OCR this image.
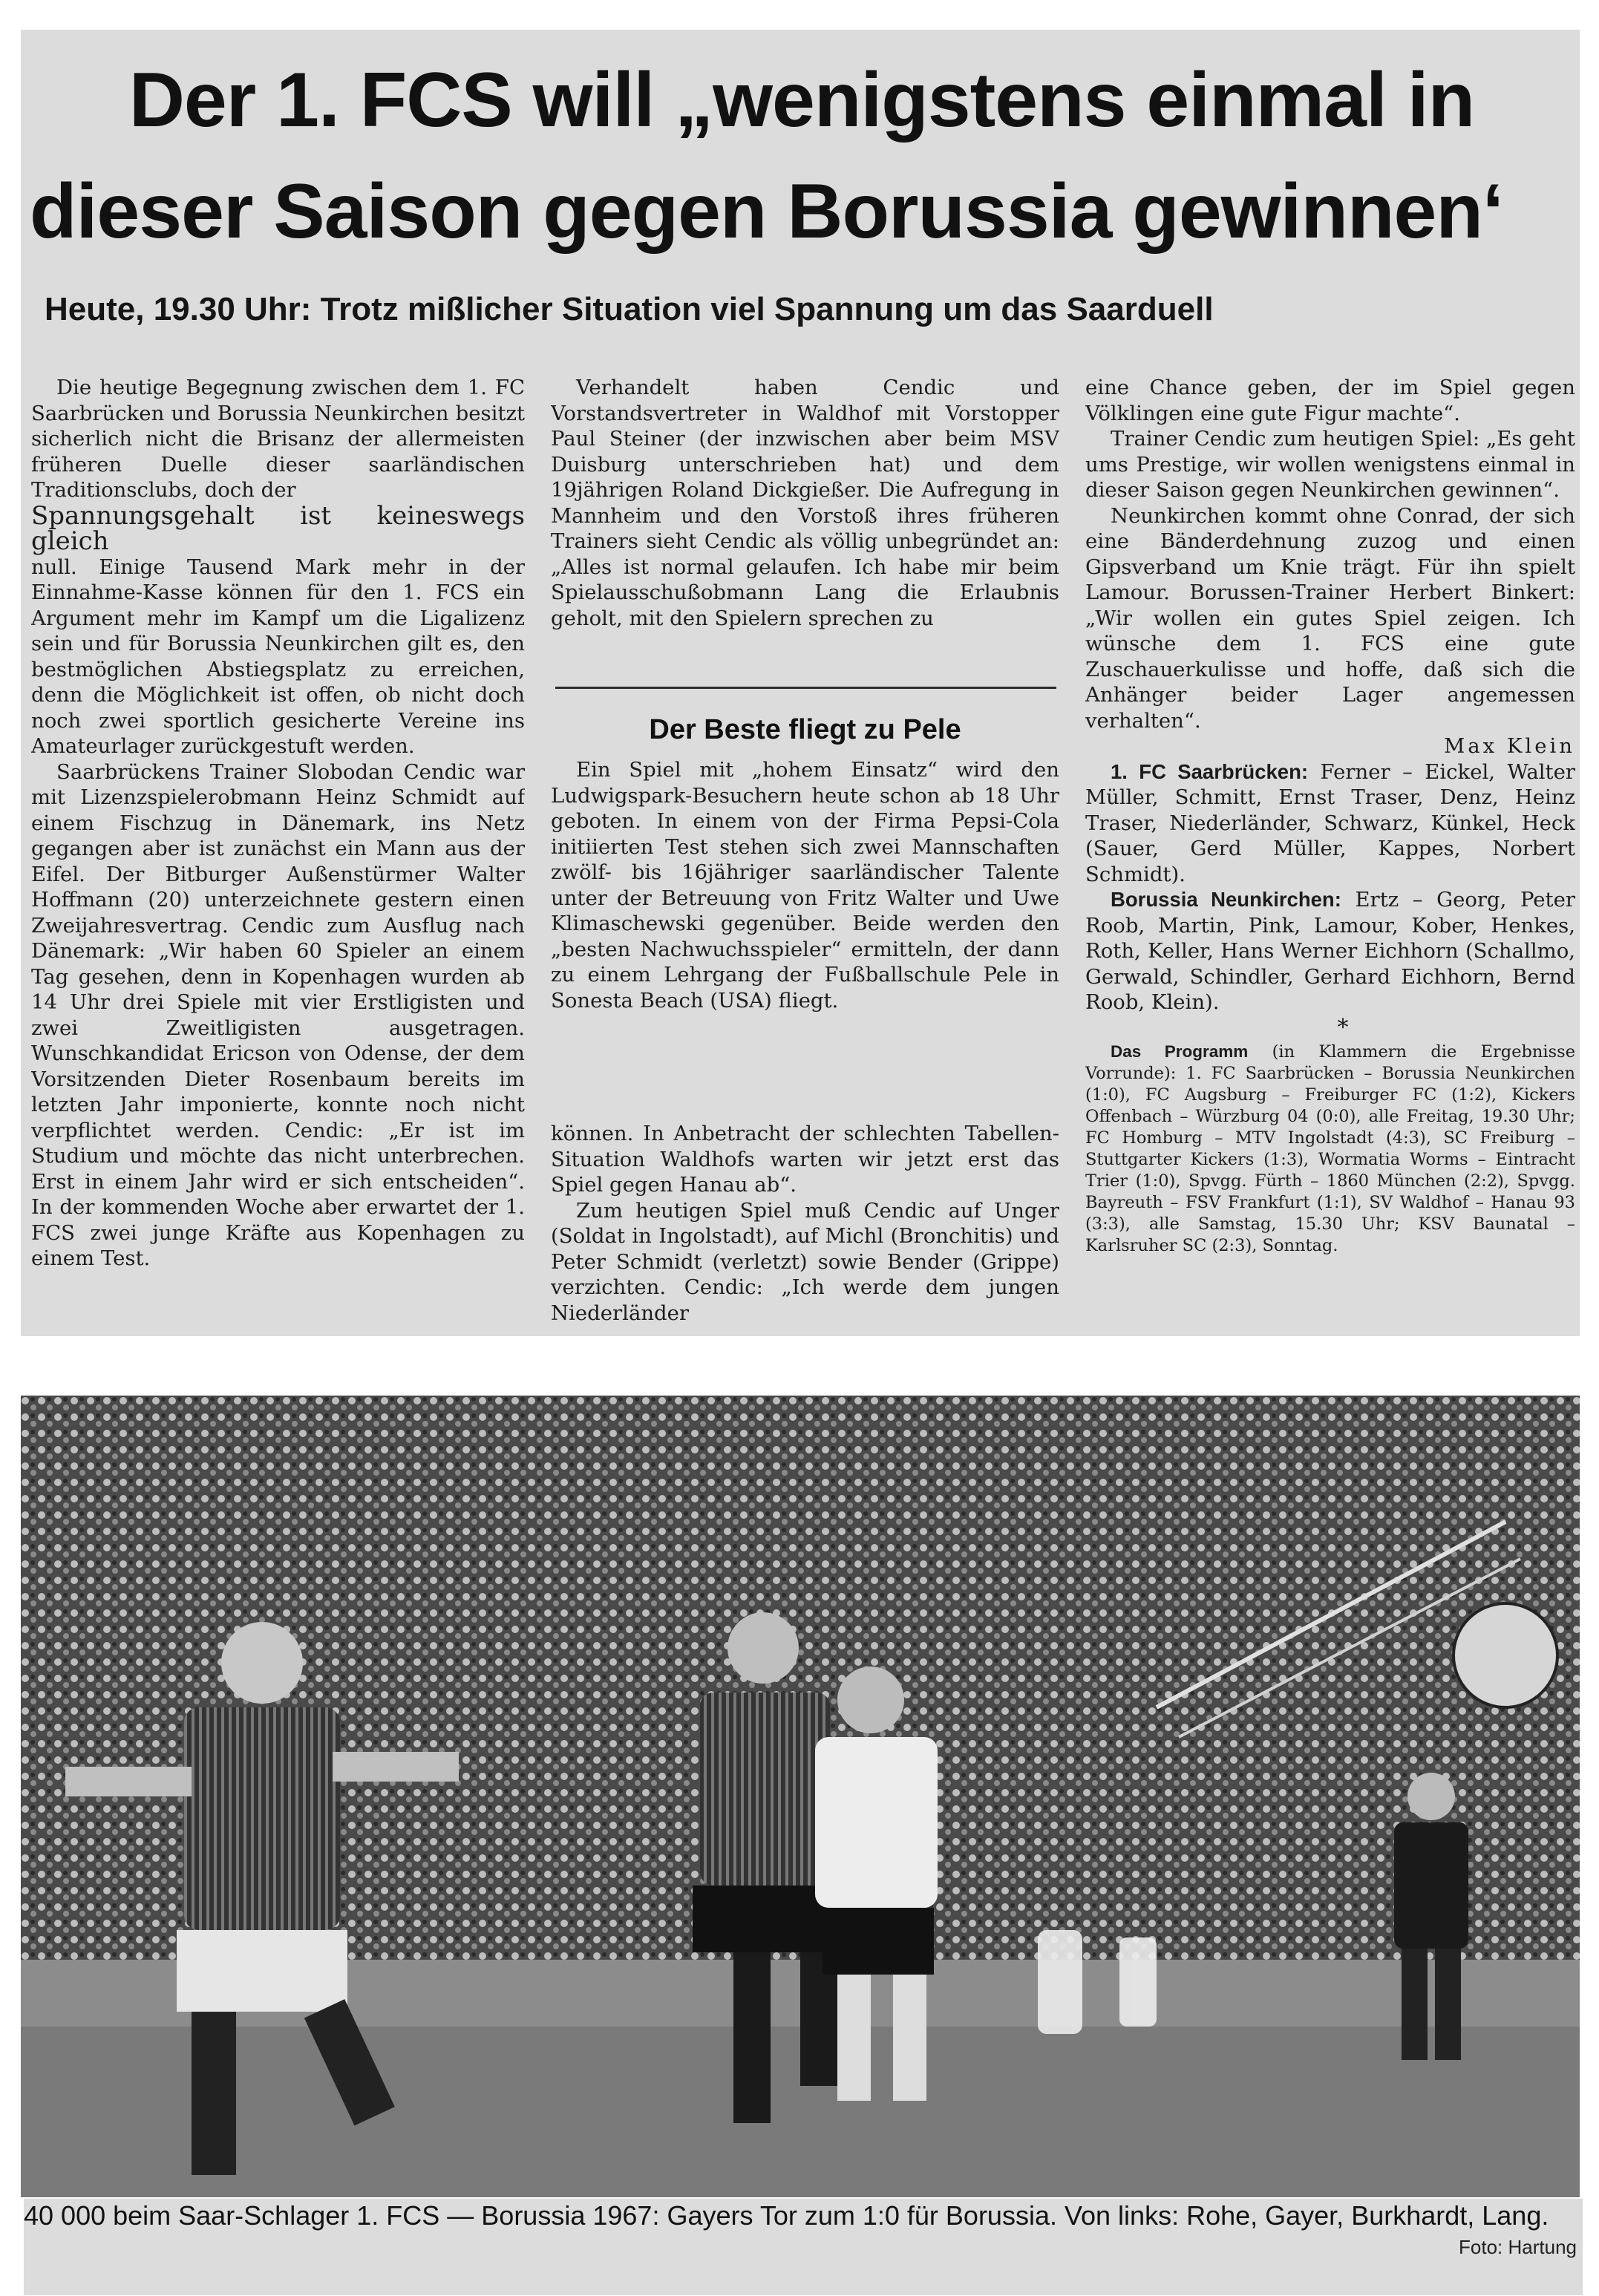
Der 1. FCS will „wenigstens einmal in
dieser Saison gegen Borussia gewinnen‘
Heute, 19.30 Uhr: Trotz mißlicher Situation viel Spannung um das Saarduell

Die heutige Begegnung zwischen dem 1. FC Saarbrücken und Borussia Neunkirchen besitzt sicherlich nicht die Brisanz der allermeisten früheren Duelle dieser saarländischen Traditionsclubs, doch der

Spannungsgehalt ist keineswegs gleich

null. Einige Tausend Mark mehr in der Einnahme-Kasse können für den 1. FCS ein Argument mehr im Kampf um die Ligalizenz sein und für Borussia Neunkirchen gilt es, den bestmöglichen Abstiegsplatz zu erreichen, denn die Möglichkeit ist offen, ob nicht doch noch zwei sportlich gesicherte Vereine ins Amateurlager zurückgestuft werden.

Saarbrückens Trainer Slobodan Cendic war mit Lizenzspielerobmann Heinz Schmidt auf einem Fischzug in Dänemark, ins Netz gegangen aber ist zunächst ein Mann aus der Eifel. Der Bitburger Außenstürmer Walter Hoffmann (20) unterzeichnete gestern einen Zweijahresvertrag. Cendic zum Ausflug nach Dänemark: „Wir haben 60 Spieler an einem Tag gesehen, denn in Kopenhagen wurden ab 14 Uhr drei Spiele mit vier Erstligisten und zwei Zweitligisten ausgetragen. Wunschkandidat Ericson von Odense, der dem Vorsitzenden Dieter Rosenbaum bereits im letzten Jahr imponierte, konnte noch nicht verpflichtet werden. Cendic: „Er ist im Studium und möchte das nicht unterbrechen. Erst in einem Jahr wird er sich entscheiden“. In der kommenden Woche aber erwartet der 1. FCS zwei junge Kräfte aus Kopenhagen zu einem Test.

Verhandelt haben Cendic und Vorstandsvertreter in Waldhof mit Vorstopper Paul Steiner (der inzwischen aber beim MSV Duisburg unterschrieben hat) und dem 19jährigen Roland Dickgießer. Die Aufregung in Mannheim und den Vorstoß ihres früheren Trainers sieht Cendic als völlig unbegründet an: „Alles ist normal gelaufen. Ich habe mir beim Spielausschußobmann Lang die Erlaubnis geholt, mit den Spielern sprechen zu

Der Beste fliegt zu Pele

Ein Spiel mit „hohem Einsatz“ wird den Ludwigspark-Besuchern heute schon ab 18 Uhr geboten. In einem von der Firma Pepsi-Cola initiierten Test stehen sich zwei Mannschaften zwölf- bis 16jähriger saarländischer Talente unter der Betreuung von Fritz Walter und Uwe Klimaschewski gegenüber. Beide werden den „besten Nachwuchsspieler“ ermitteln, der dann zu einem Lehrgang der Fußballschule Pele in Sonesta Beach (USA) fliegt.

können. In Anbetracht der schlechten Tabellen-Situation Waldhofs warten wir jetzt erst das Spiel gegen Hanau ab“.

Zum heutigen Spiel muß Cendic auf Unger (Soldat in Ingolstadt), auf Michl (Bronchitis) und Peter Schmidt (verletzt) sowie Bender (Grippe) verzichten. Cendic: „Ich werde dem jungen Niederländer

eine Chance geben, der im Spiel gegen Völklingen eine gute Figur machte“.

Trainer Cendic zum heutigen Spiel: „Es geht ums Prestige, wir wollen wenigstens einmal in dieser Saison gegen Neunkirchen gewinnen“.

Neunkirchen kommt ohne Conrad, der sich eine Bänderdehnung zuzog und einen Gipsverband um Knie trägt. Für ihn spielt Lamour. Borussen-Trainer Herbert Binkert: „Wir wollen ein gutes Spiel zeigen. Ich wünsche dem 1. FCS eine gute Zuschauerkulisse und hoffe, daß sich die Anhänger beider Lager angemessen verhalten“.

Max Klein

1. FC Saarbrücken: Ferner – Eickel, Walter Müller, Schmitt, Ernst Traser, Denz, Heinz Traser, Niederländer, Schwarz, Künkel, Heck (Sauer, Gerd Müller, Kappes, Norbert Schmidt).

Borussia Neunkirchen: Ertz – Georg, Peter Roob, Martin, Pink, Lamour, Kober, Henkes, Roth, Keller, Hans Werner Eichhorn (Schallmo, Gerwald, Schindler, Gerhard Eichhorn, Bernd Roob, Klein).

*

Das Programm (in Klammern die Ergebnisse Vorrunde): 1. FC Saarbrücken – Borussia Neunkirchen (1:0), FC Augsburg – Freiburger FC (1:2), Kickers Offenbach – Würzburg 04 (0:0), alle Freitag, 19.30 Uhr; FC Homburg – MTV Ingolstadt (4:3), SC Freiburg – Stuttgarter Kickers (1:3), Wormatia Worms – Eintracht Trier (1:0), Spvgg. Fürth – 1860 München (2:2), Spvgg. Bayreuth – FSV Frankfurt (1:1), SV Waldhof – Hanau 93 (3:3), alle Samstag, 15.30 Uhr; KSV Baunatal – Karlsruher SC (2:3), Sonntag.

40 000 beim Saar-Schlager 1. FCS — Borussia 1967: Gayers Tor zum 1:0 für Borussia. Von links: Rohe, Gayer, Burkhardt, Lang.
Foto: Hartung
